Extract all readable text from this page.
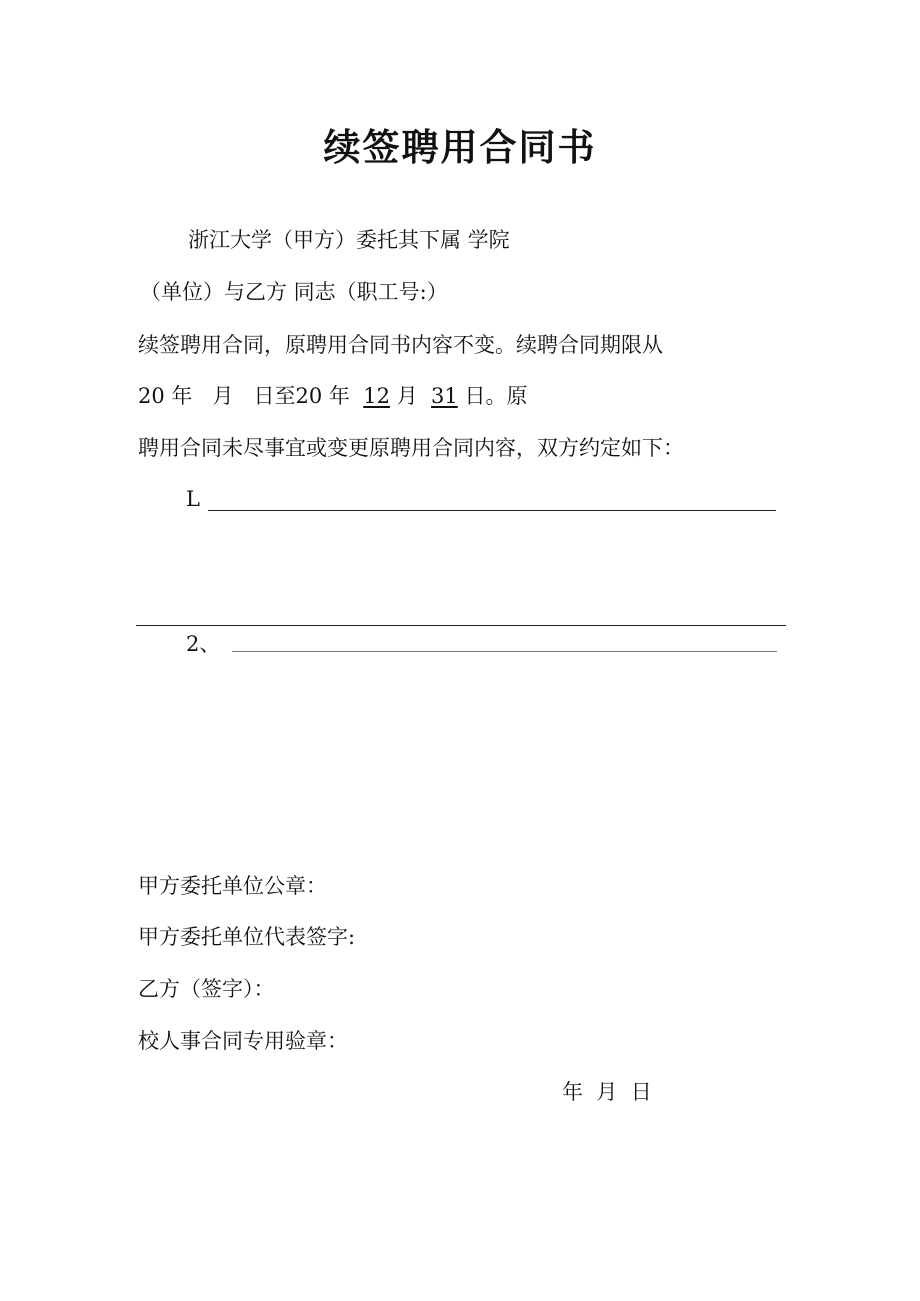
续签聘用合同书
浙江大学（甲方）委托其下属 学院
（单位）与乙方 同志（职工号:）
续签聘用合同，原聘用合同书内容不变。续聘合同期限从
20 年 月 日至20 年 12 月 31 日。原
聘用合同未尽事宜或变更原聘用合同内容，双方约定如下：
L
2、
甲方委托单位公章：
甲方委托单位代表签字:
乙方（签字）：
校人事合同专用验章：
年  月  日
